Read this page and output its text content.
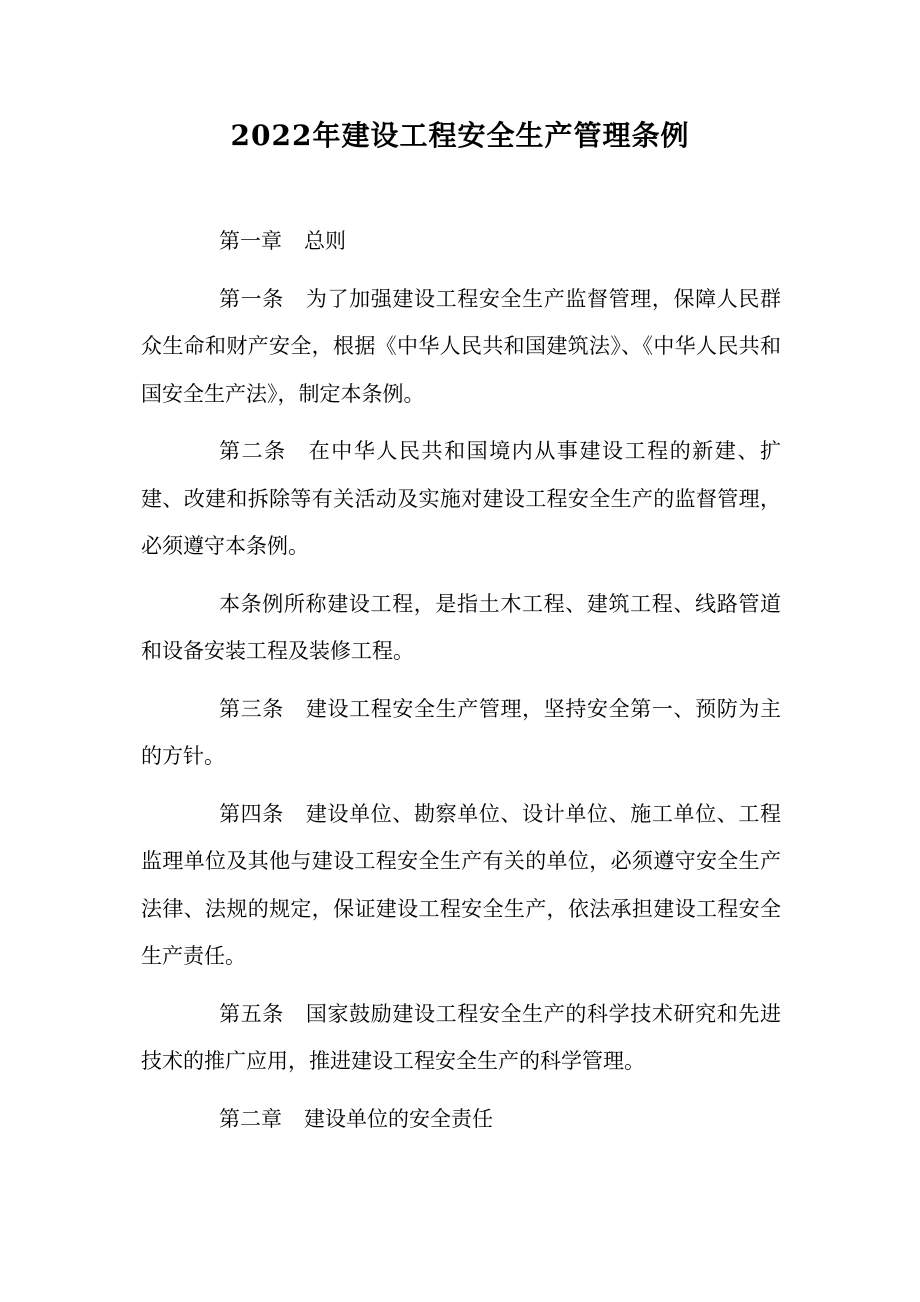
2022年建设工程安全生产管理条例

第一章 总则

第一条 为了加强建设工程安全生产监督管理，保障人民群众生命和财产安全，根据《中华人民共和国建筑法》、《中华人民共和国安全生产法》，制定本条例。

第二条 在中华人民共和国境内从事建设工程的新建、扩建、改建和拆除等有关活动及实施对建设工程安全生产的监督管理，必须遵守本条例。

本条例所称建设工程，是指土木工程、建筑工程、线路管道和设备安装工程及装修工程。

第三条 建设工程安全生产管理，坚持安全第一、预防为主的方针。

第四条 建设单位、勘察单位、设计单位、施工单位、工程监理单位及其他与建设工程安全生产有关的单位，必须遵守安全生产法律、法规的规定，保证建设工程安全生产，依法承担建设工程安全生产责任。

第五条 国家鼓励建设工程安全生产的科学技术研究和先进技术的推广应用，推进建设工程安全生产的科学管理。

第二章 建设单位的安全责任
